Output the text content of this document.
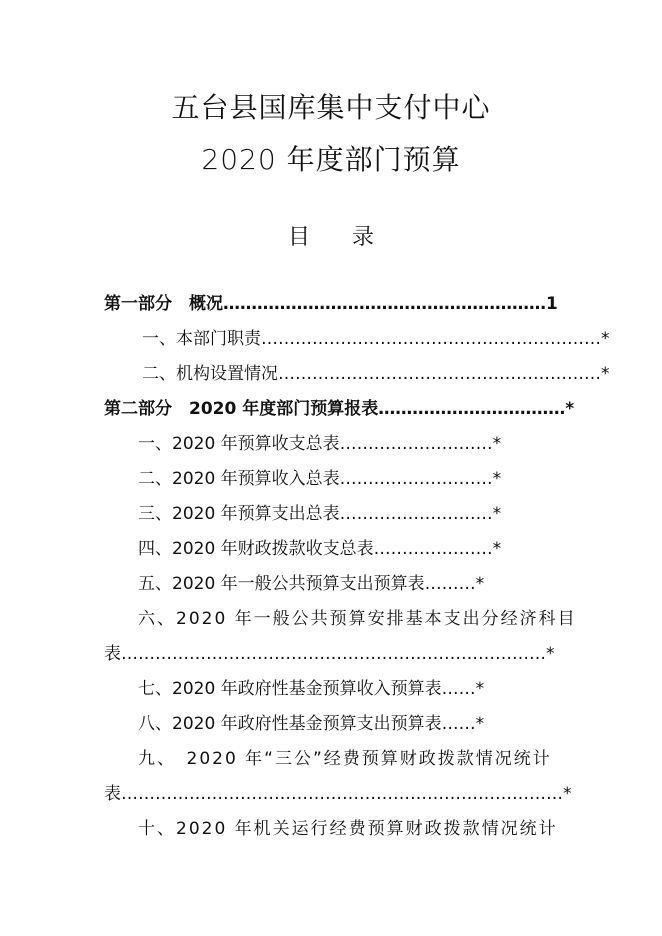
五台县国库集中支付中心
2020 年度部门预算
目 录
第一部分　概况…………………………………………………1
一、本部门职责……………………………………………………*
二、机构设置情况…………………………………………………*
第二部分　2020 年度部门预算报表……………………………*
一、2020 年预算收支总表………………………*
二、2020 年预算收入总表………………………*
三、2020 年预算支出总表………………………*
四、2020 年财政拨款收支总表…………………*
五、2020 年一般公共预算支出预算表………*
六、2020 年一般公共预算安排基本支出分经济科目
表…………………………………………………………………*
七、2020 年政府性基金预算收入预算表……*
八、2020 年政府性基金预算支出预算表……*
九、　2020 年“三公”经费预算财政拨款情况统计
表……………………………………………………………………*
十、2020 年机关运行经费预算财政拨款情况统计
